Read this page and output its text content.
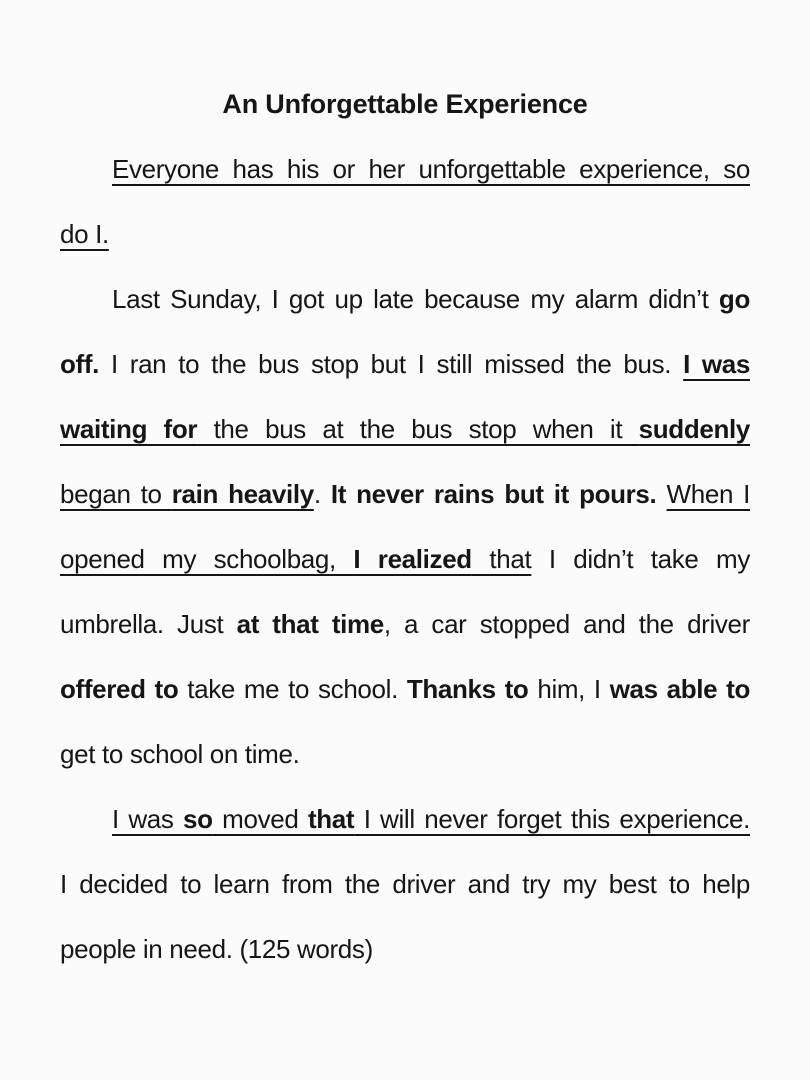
An Unforgettable Experience
Everyone has his or her unforgettable experience, so
do I.
Last Sunday, I got up late because my alarm didn’t go
off. I ran to the bus stop but I still missed the bus. I was
waiting for the bus at the bus stop when it suddenly
began to rain heavily. It never rains but it pours. When I
opened my schoolbag, I realized that I didn’t take my
umbrella. Just at that time, a car stopped and the driver
offered to take me to school. Thanks to him, I was able to
get to school on time.
I was so moved that I will never forget this experience.
I decided to learn from the driver and try my best to help
people in need. (125 words)
